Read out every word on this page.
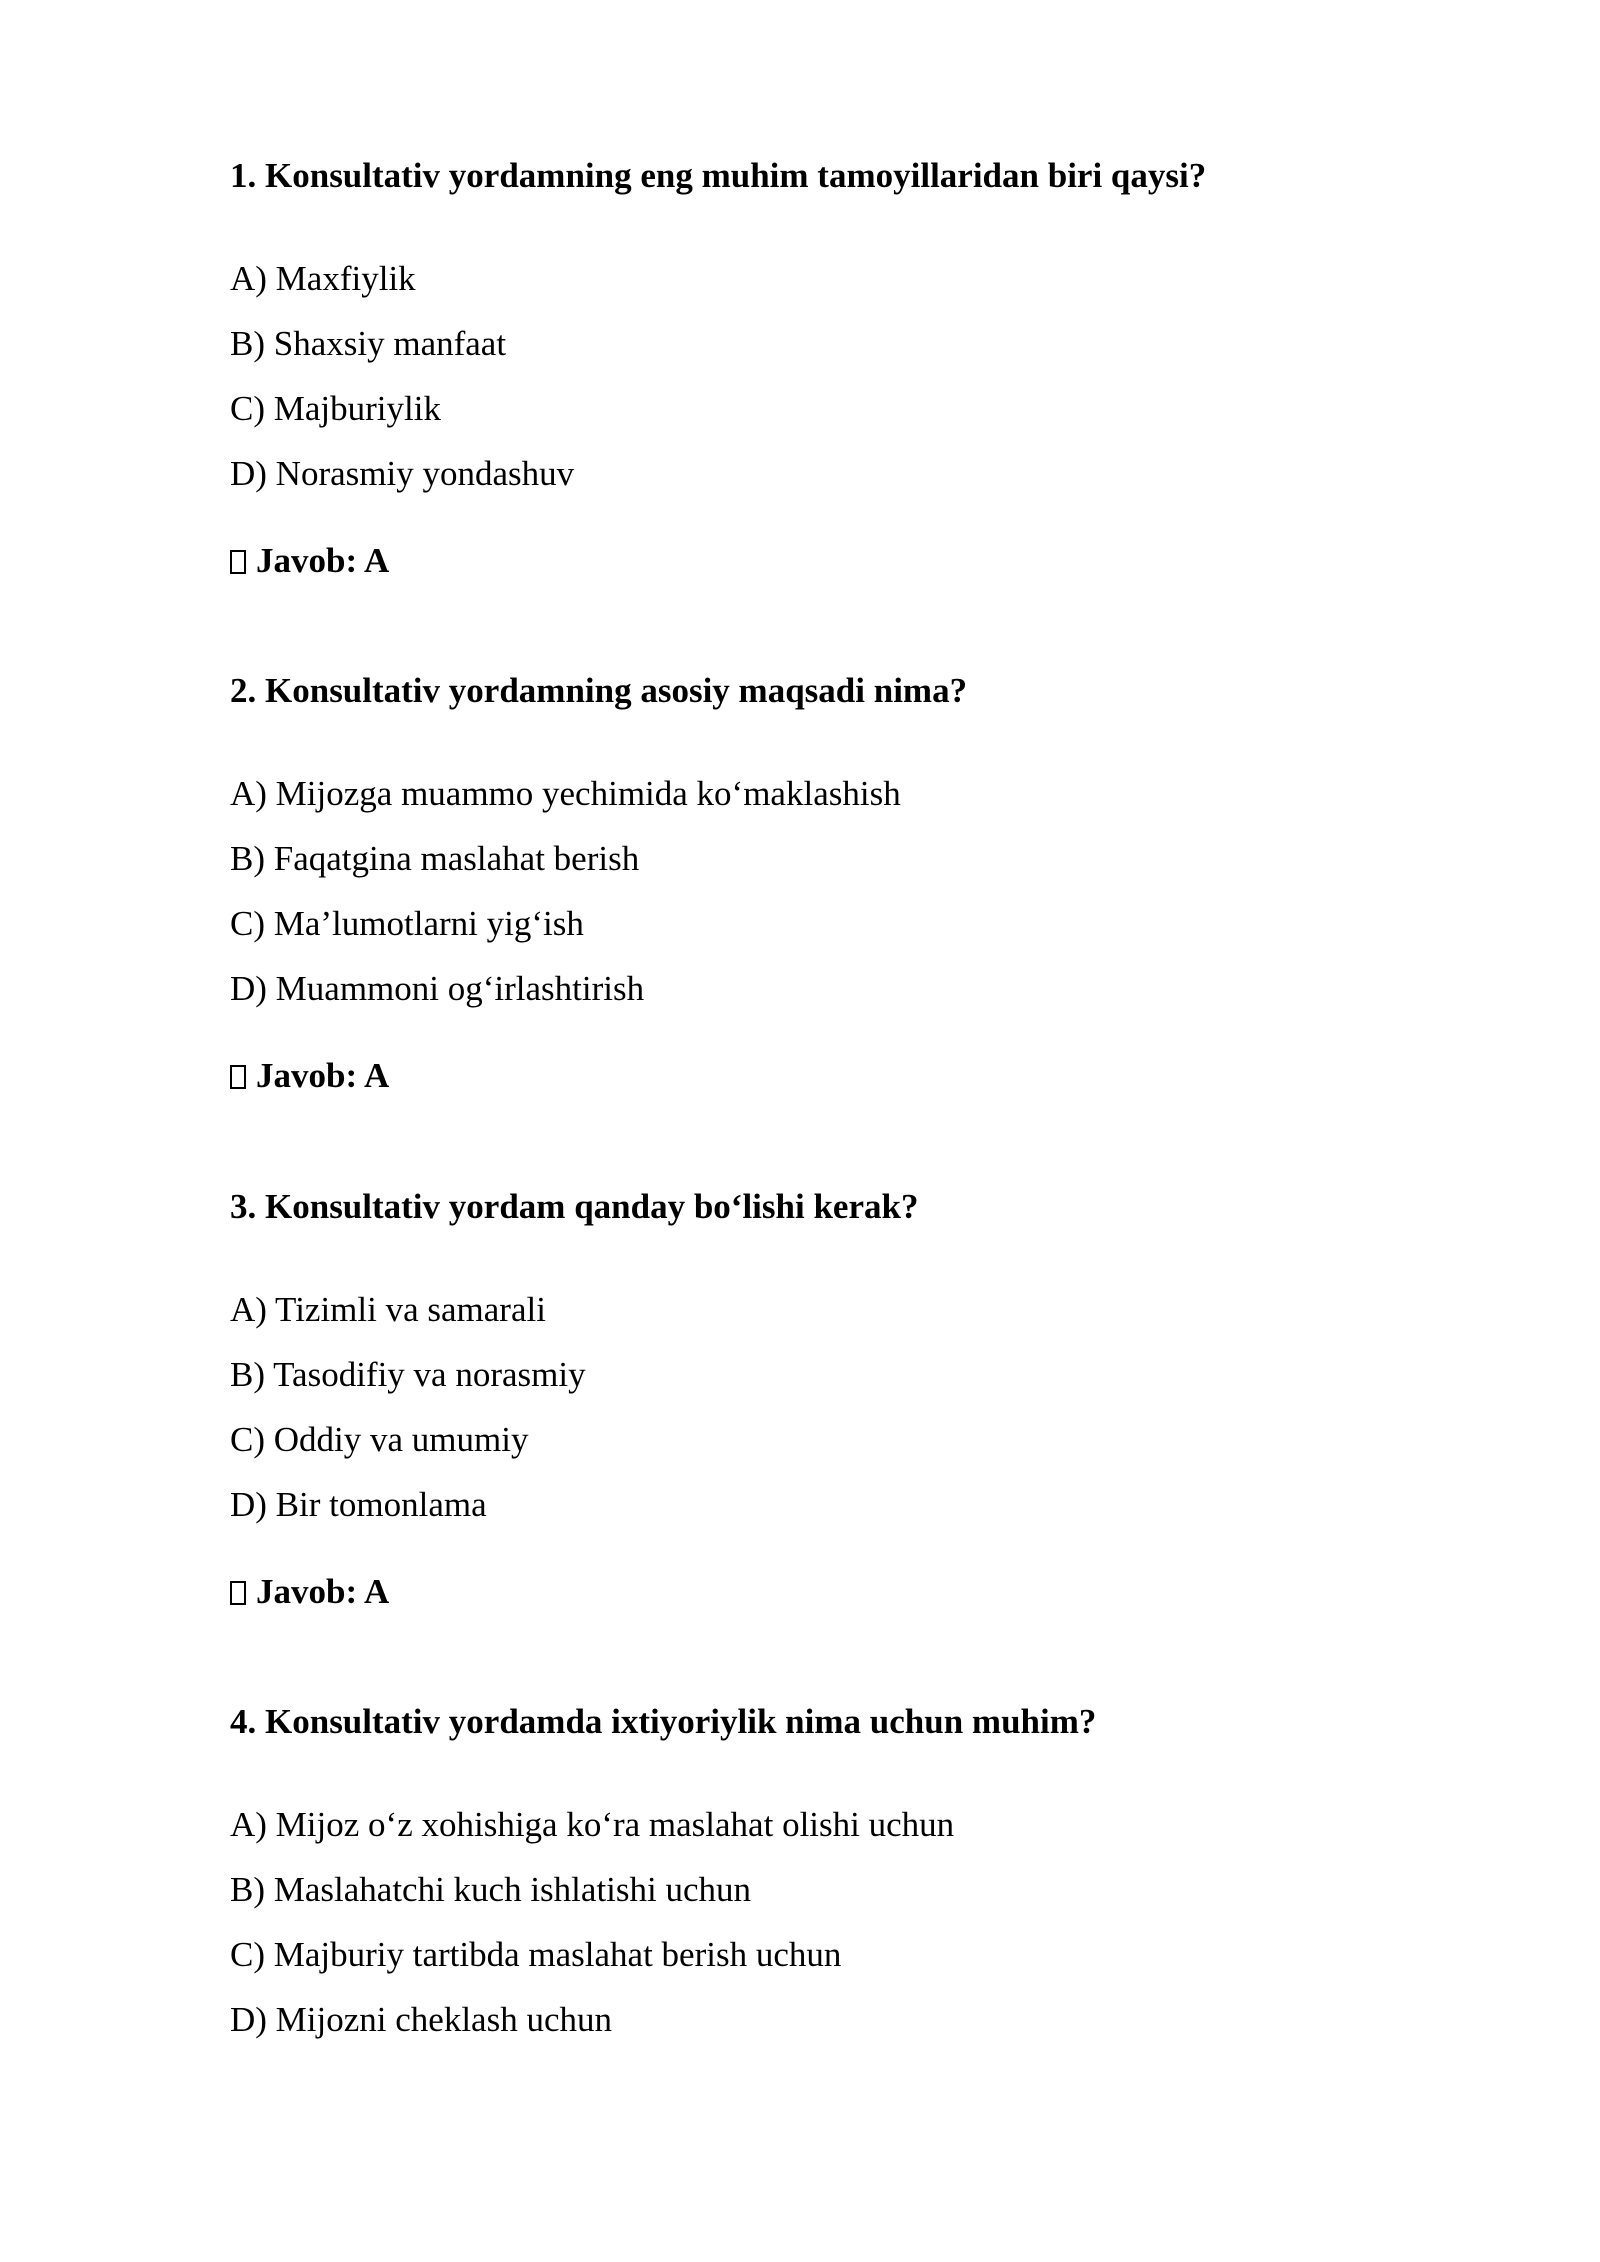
1. Konsultativ yordamning eng muhim tamoyillaridan biri qaysi?

A) Maxfiylik
B) Shaxsiy manfaat
C) Majburiylik
D) Norasmiy yondashuv
Javob: A

2. Konsultativ yordamning asosiy maqsadi nima?

A) Mijozga muammo yechimida ko‘maklashish
B) Faqatgina maslahat berish
C) Ma’lumotlarni yig‘ish
D) Muammoni og‘irlashtirish
Javob: A

3. Konsultativ yordam qanday bo‘lishi kerak?

A) Tizimli va samarali
B) Tasodifiy va norasmiy
C) Oddiy va umumiy
D) Bir tomonlama
Javob: A

4. Konsultativ yordamda ixtiyoriylik nima uchun muhim?

A) Mijoz o‘z xohishiga ko‘ra maslahat olishi uchun
B) Maslahatchi kuch ishlatishi uchun
C) Majburiy tartibda maslahat berish uchun
D) Mijozni cheklash uchun
